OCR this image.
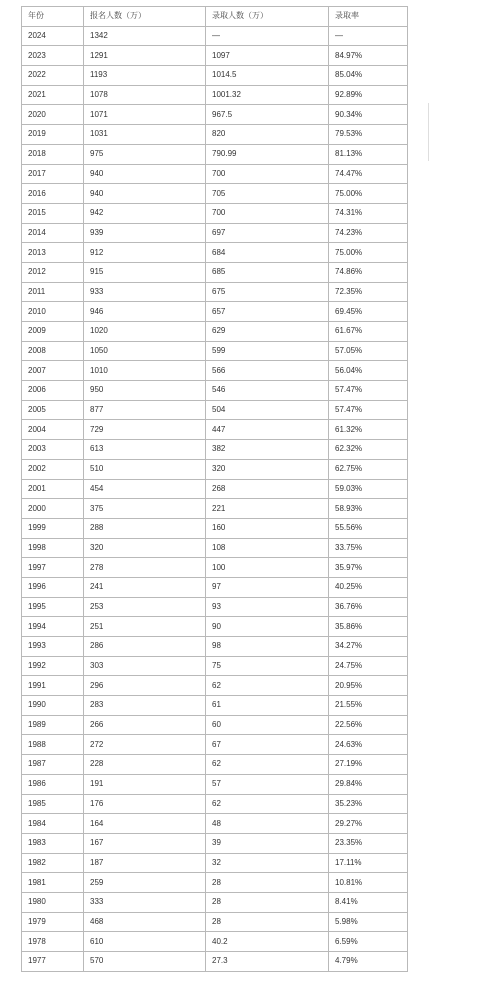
年份	报名人数（万）	录取人数（万）	录取率
2024	1342	—	—
2023	1291	1097	84.97%
2022	1193	1014.5	85.04%
2021	1078	1001.32	92.89%
2020	1071	967.5	90.34%
2019	1031	820	79.53%
2018	975	790.99	81.13%
2017	940	700	74.47%
2016	940	705	75.00%
2015	942	700	74.31%
2014	939	697	74.23%
2013	912	684	75.00%
2012	915	685	74.86%
2011	933	675	72.35%
2010	946	657	69.45%
2009	1020	629	61.67%
2008	1050	599	57.05%
2007	1010	566	56.04%
2006	950	546	57.47%
2005	877	504	57.47%
2004	729	447	61.32%
2003	613	382	62.32%
2002	510	320	62.75%
2001	454	268	59.03%
2000	375	221	58.93%
1999	288	160	55.56%
1998	320	108	33.75%
1997	278	100	35.97%
1996	241	97	40.25%
1995	253	93	36.76%
1994	251	90	35.86%
1993	286	98	34.27%
1992	303	75	24.75%
1991	296	62	20.95%
1990	283	61	21.55%
1989	266	60	22.56%
1988	272	67	24.63%
1987	228	62	27.19%
1986	191	57	29.84%
1985	176	62	35.23%
1984	164	48	29.27%
1983	167	39	23.35%
1982	187	32	17.11%
1981	259	28	10.81%
1980	333	28	8.41%
1979	468	28	5.98%
1978	610	40.2	6.59%
1977	570	27.3	4.79%
